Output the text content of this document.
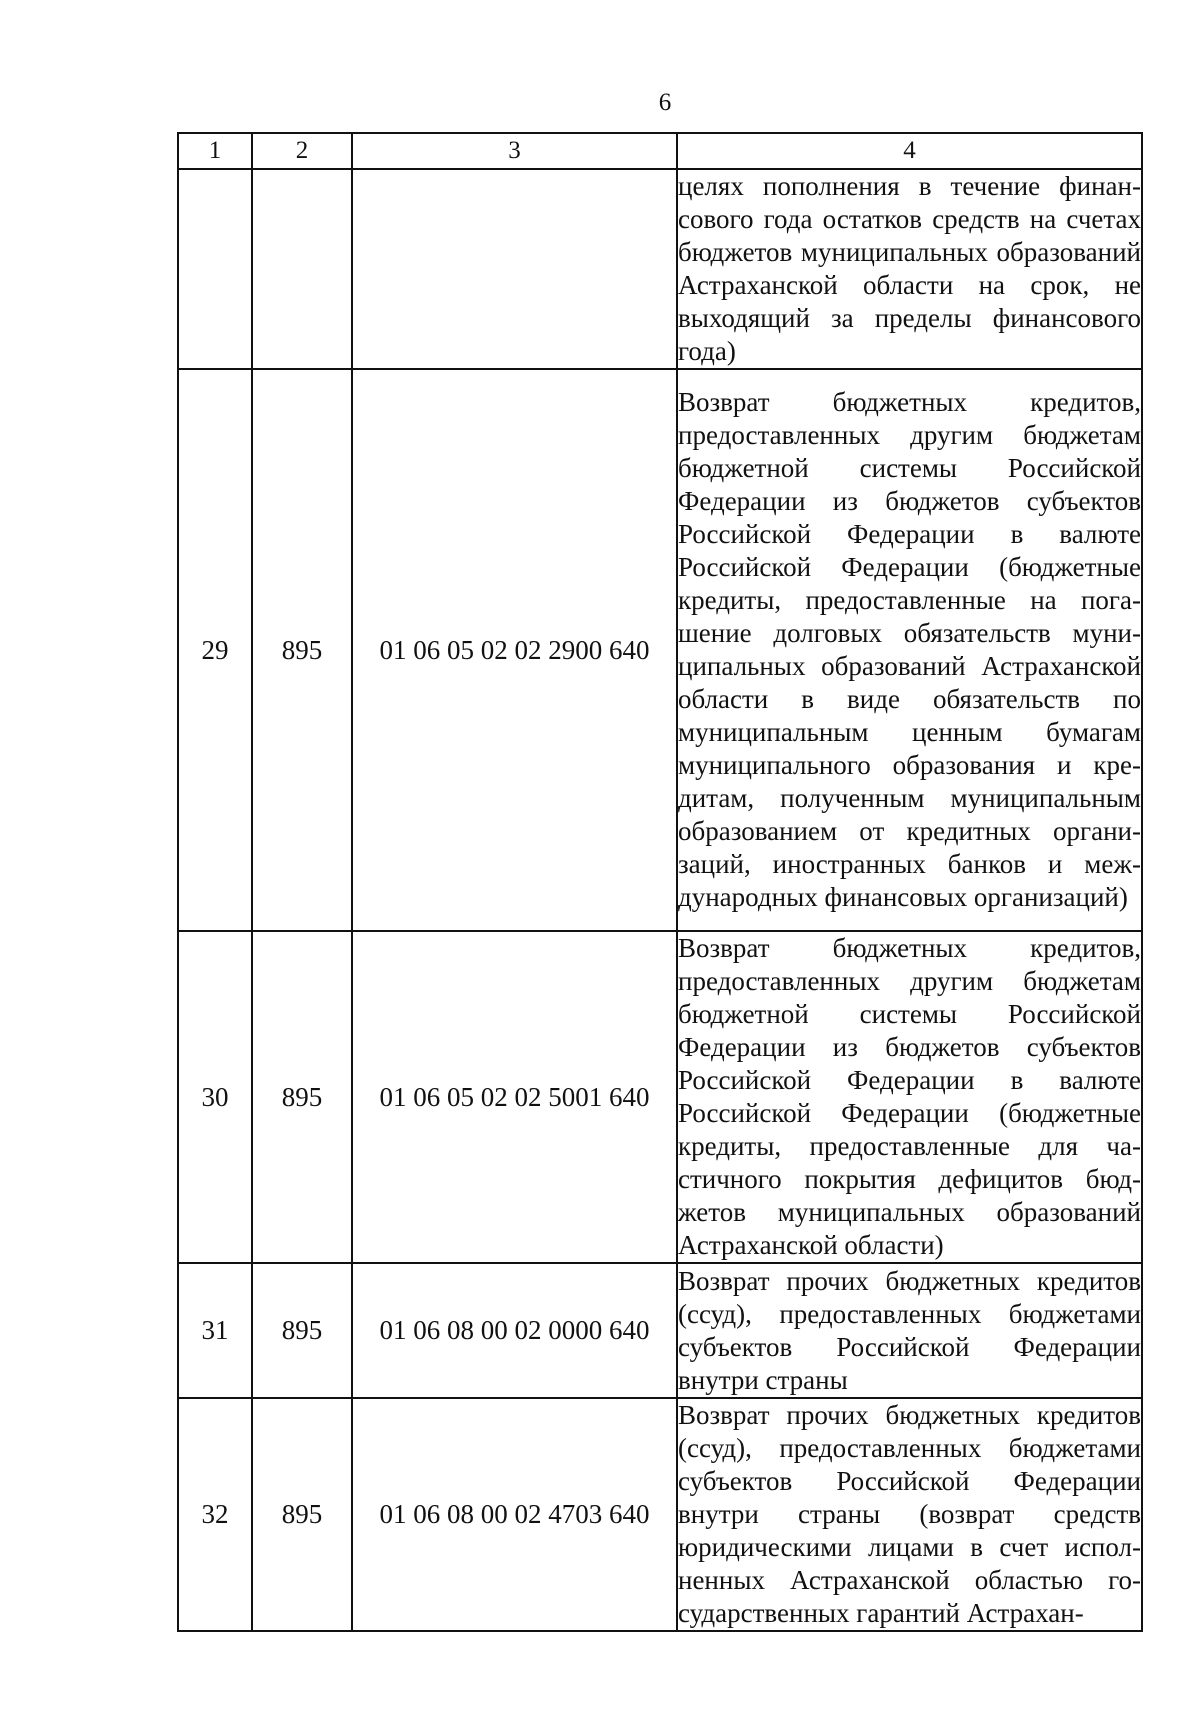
6
1	2	3	4
			целях пополнения в течение финансового года остатков средств на счетах бюджетов муниципальных образований Астраханской области на срок, не выходящий за пределы финансового года)
29	895	01 06 05 02 02 2900 640	Возврат бюджетных кредитов, предоставленных другим бюджетам бюджетной системы Российской Федерации из бюджетов субъектов Российской Федерации в валюте Российской Федерации (бюджетные кредиты, предоставленные на погашение долговых обязательств муниципальных образований Астраханской области в виде обязательств по муниципальным ценным бумагам муниципального образования и кредитам, полученным муниципальным образованием от кредитных организаций, иностранных банков и международных финансовых организаций)
30	895	01 06 05 02 02 5001 640	Возврат бюджетных кредитов, предоставленных другим бюджетам бюджетной системы Российской Федерации из бюджетов субъектов Российской Федерации в валюте Российской Федерации (бюджетные кредиты, предоставленные для частичного покрытия дефицитов бюджетов муниципальных образований Астраханской области)
31	895	01 06 08 00 02 0000 640	Возврат прочих бюджетных кредитов (ссуд), предоставленных бюджетами субъектов Российской Федерации внутри страны
32	895	01 06 08 00 02 4703 640	Возврат прочих бюджетных кредитов (ссуд), предоставленных бюджетами субъектов Российской Федерации внутри страны (возврат средств юридическими лицами в счет исполненных Астраханской областью государственных гарантий Астрахан-
